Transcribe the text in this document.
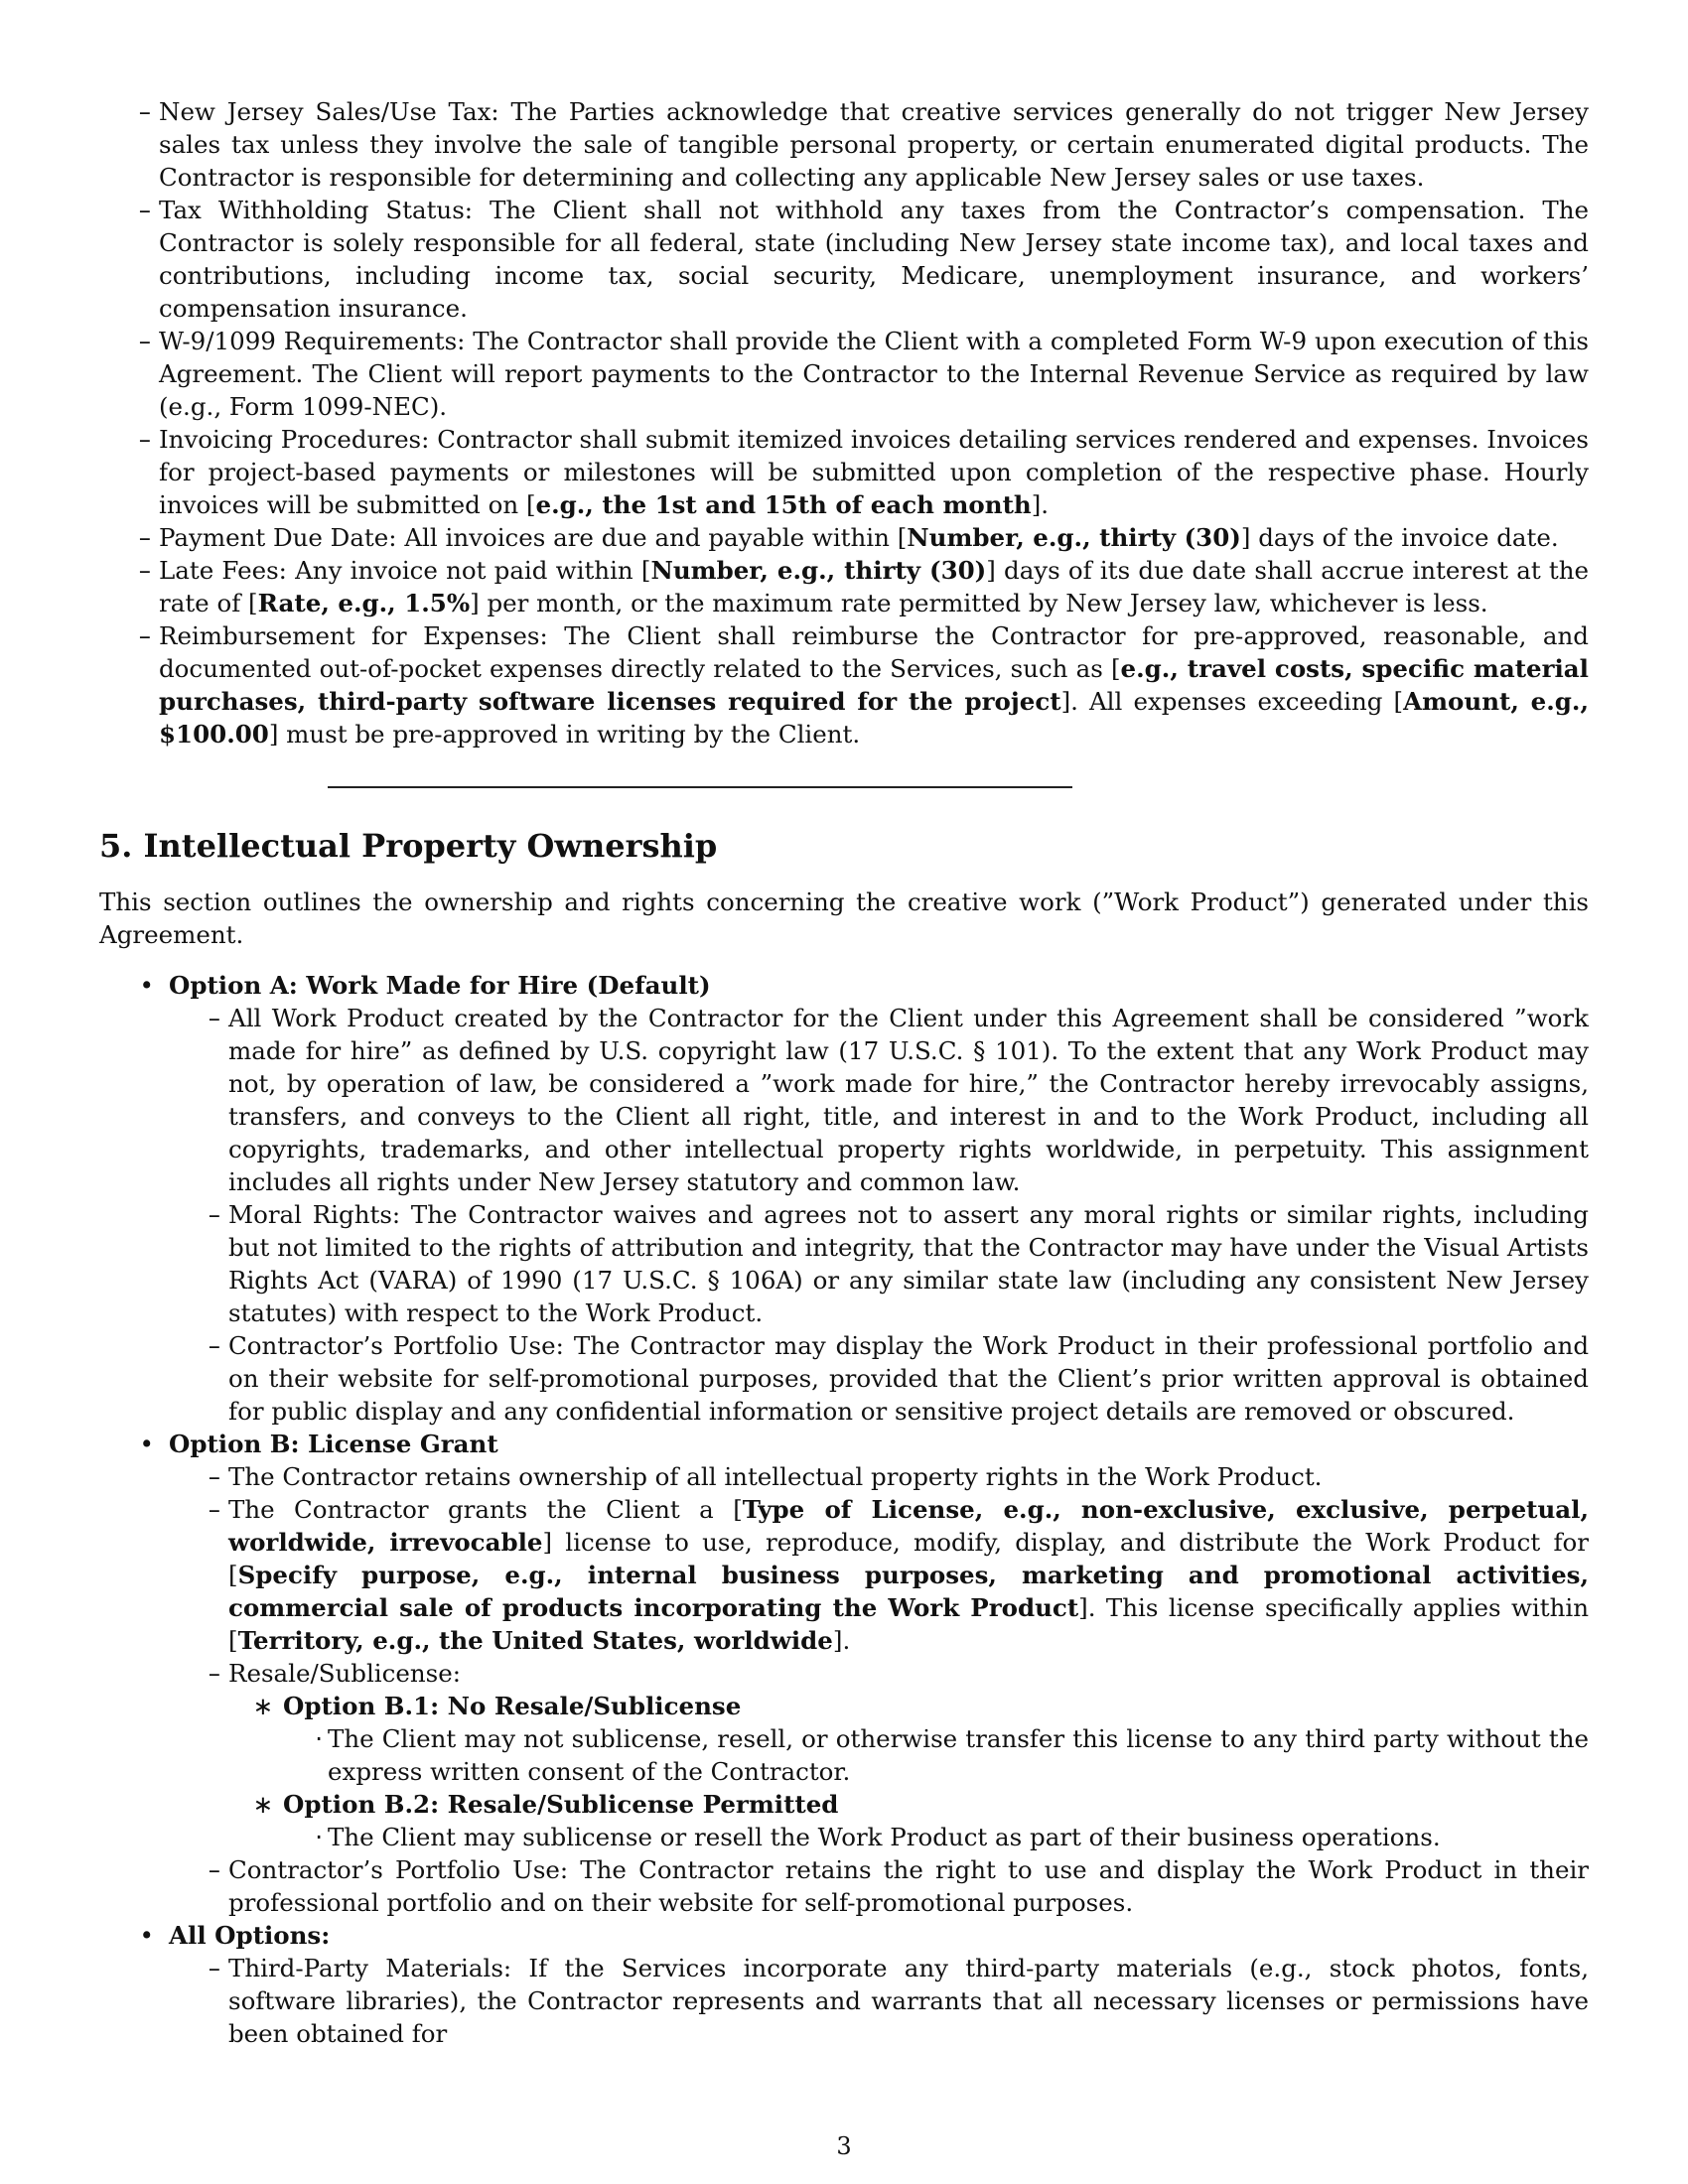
– New Jersey Sales/Use Tax: The Parties acknowledge that creative services generally do not trigger New Jersey sales tax unless they involve the sale of tangible personal property, or certain enumerated digital products. The Contractor is responsible for determining and collecting any applicable New Jersey sales or use taxes.
– Tax Withholding Status: The Client shall not withhold any taxes from the Contractor’s compensation. The Contractor is solely responsible for all federal, state (including New Jersey state income tax), and local taxes and contributions, including income tax, social security, Medicare, unemployment insurance, and workers’ compensation insurance.
– W-9/1099 Requirements: The Contractor shall provide the Client with a completed Form W-9 upon execution of this Agreement. The Client will report payments to the Contractor to the Internal Revenue Service as required by law (e.g., Form 1099-NEC).
– Invoicing Procedures: Contractor shall submit itemized invoices detailing services rendered and expenses. Invoices for project-based payments or milestones will be submitted upon completion of the respective phase. Hourly invoices will be submitted on [e.g., the 1st and 15th of each month].
– Payment Due Date: All invoices are due and payable within [Number, e.g., thirty (30)] days of the invoice date.
– Late Fees: Any invoice not paid within [Number, e.g., thirty (30)] days of its due date shall accrue interest at the rate of [Rate, e.g., 1.5%] per month, or the maximum rate permitted by New Jersey law, whichever is less.
– Reimbursement for Expenses: The Client shall reimburse the Contractor for pre-approved, reasonable, and documented out-of-pocket expenses directly related to the Services, such as [e.g., travel costs, specific material purchases, third-party software licenses required for the project]. All expenses exceeding [Amount, e.g., $100.00] must be pre-approved in writing by the Client.
5. Intellectual Property Ownership

This section outlines the ownership and rights concerning the creative work (”Work Product”) generated under this Agreement.

• Option A: Work Made for Hire (Default)
– All Work Product created by the Contractor for the Client under this Agreement shall be considered ”work made for hire” as defined by U.S. copyright law (17 U.S.C. § 101). To the extent that any Work Product may not, by operation of law, be considered a ”work made for hire,” the Contractor hereby irrevocably assigns, transfers, and conveys to the Client all right, title, and interest in and to the Work Product, including all copyrights, trademarks, and other intellectual property rights worldwide, in perpetuity. This assignment includes all rights under New Jersey statutory and common law.
– Moral Rights: The Contractor waives and agrees not to assert any moral rights or similar rights, including but not limited to the rights of attribution and integrity, that the Contractor may have under the Visual Artists Rights Act (VARA) of 1990 (17 U.S.C. § 106A) or any similar state law (including any consistent New Jersey statutes) with respect to the Work Product.
– Contractor’s Portfolio Use: The Contractor may display the Work Product in their professional portfolio and on their website for self-promotional purposes, provided that the Client’s prior written approval is obtained for public display and any confidential information or sensitive project details are removed or obscured.
• Option B: License Grant
– The Contractor retains ownership of all intellectual property rights in the Work Product.
– The Contractor grants the Client a [Type of License, e.g., non-exclusive, exclusive, perpetual, worldwide, irrevocable] license to use, reproduce, modify, display, and distribute the Work Product for [Specify purpose, e.g., internal business purposes, marketing and promotional activities, commercial sale of products incorporating the Work Product]. This license specifically applies within [Territory, e.g., the United States, worldwide].
– Resale/Sublicense:
∗ Option B.1: No Resale/Sublicense
· The Client may not sublicense, resell, or otherwise transfer this license to any third party without the express written consent of the Contractor.
∗ Option B.2: Resale/Sublicense Permitted
· The Client may sublicense or resell the Work Product as part of their business operations.
– Contractor’s Portfolio Use: The Contractor retains the right to use and display the Work Product in their professional portfolio and on their website for self-promotional purposes.
• All Options:
– Third-Party Materials: If the Services incorporate any third-party materials (e.g., stock photos, fonts, software libraries), the Contractor represents and warrants that all necessary licenses or permissions have been obtained for
3
